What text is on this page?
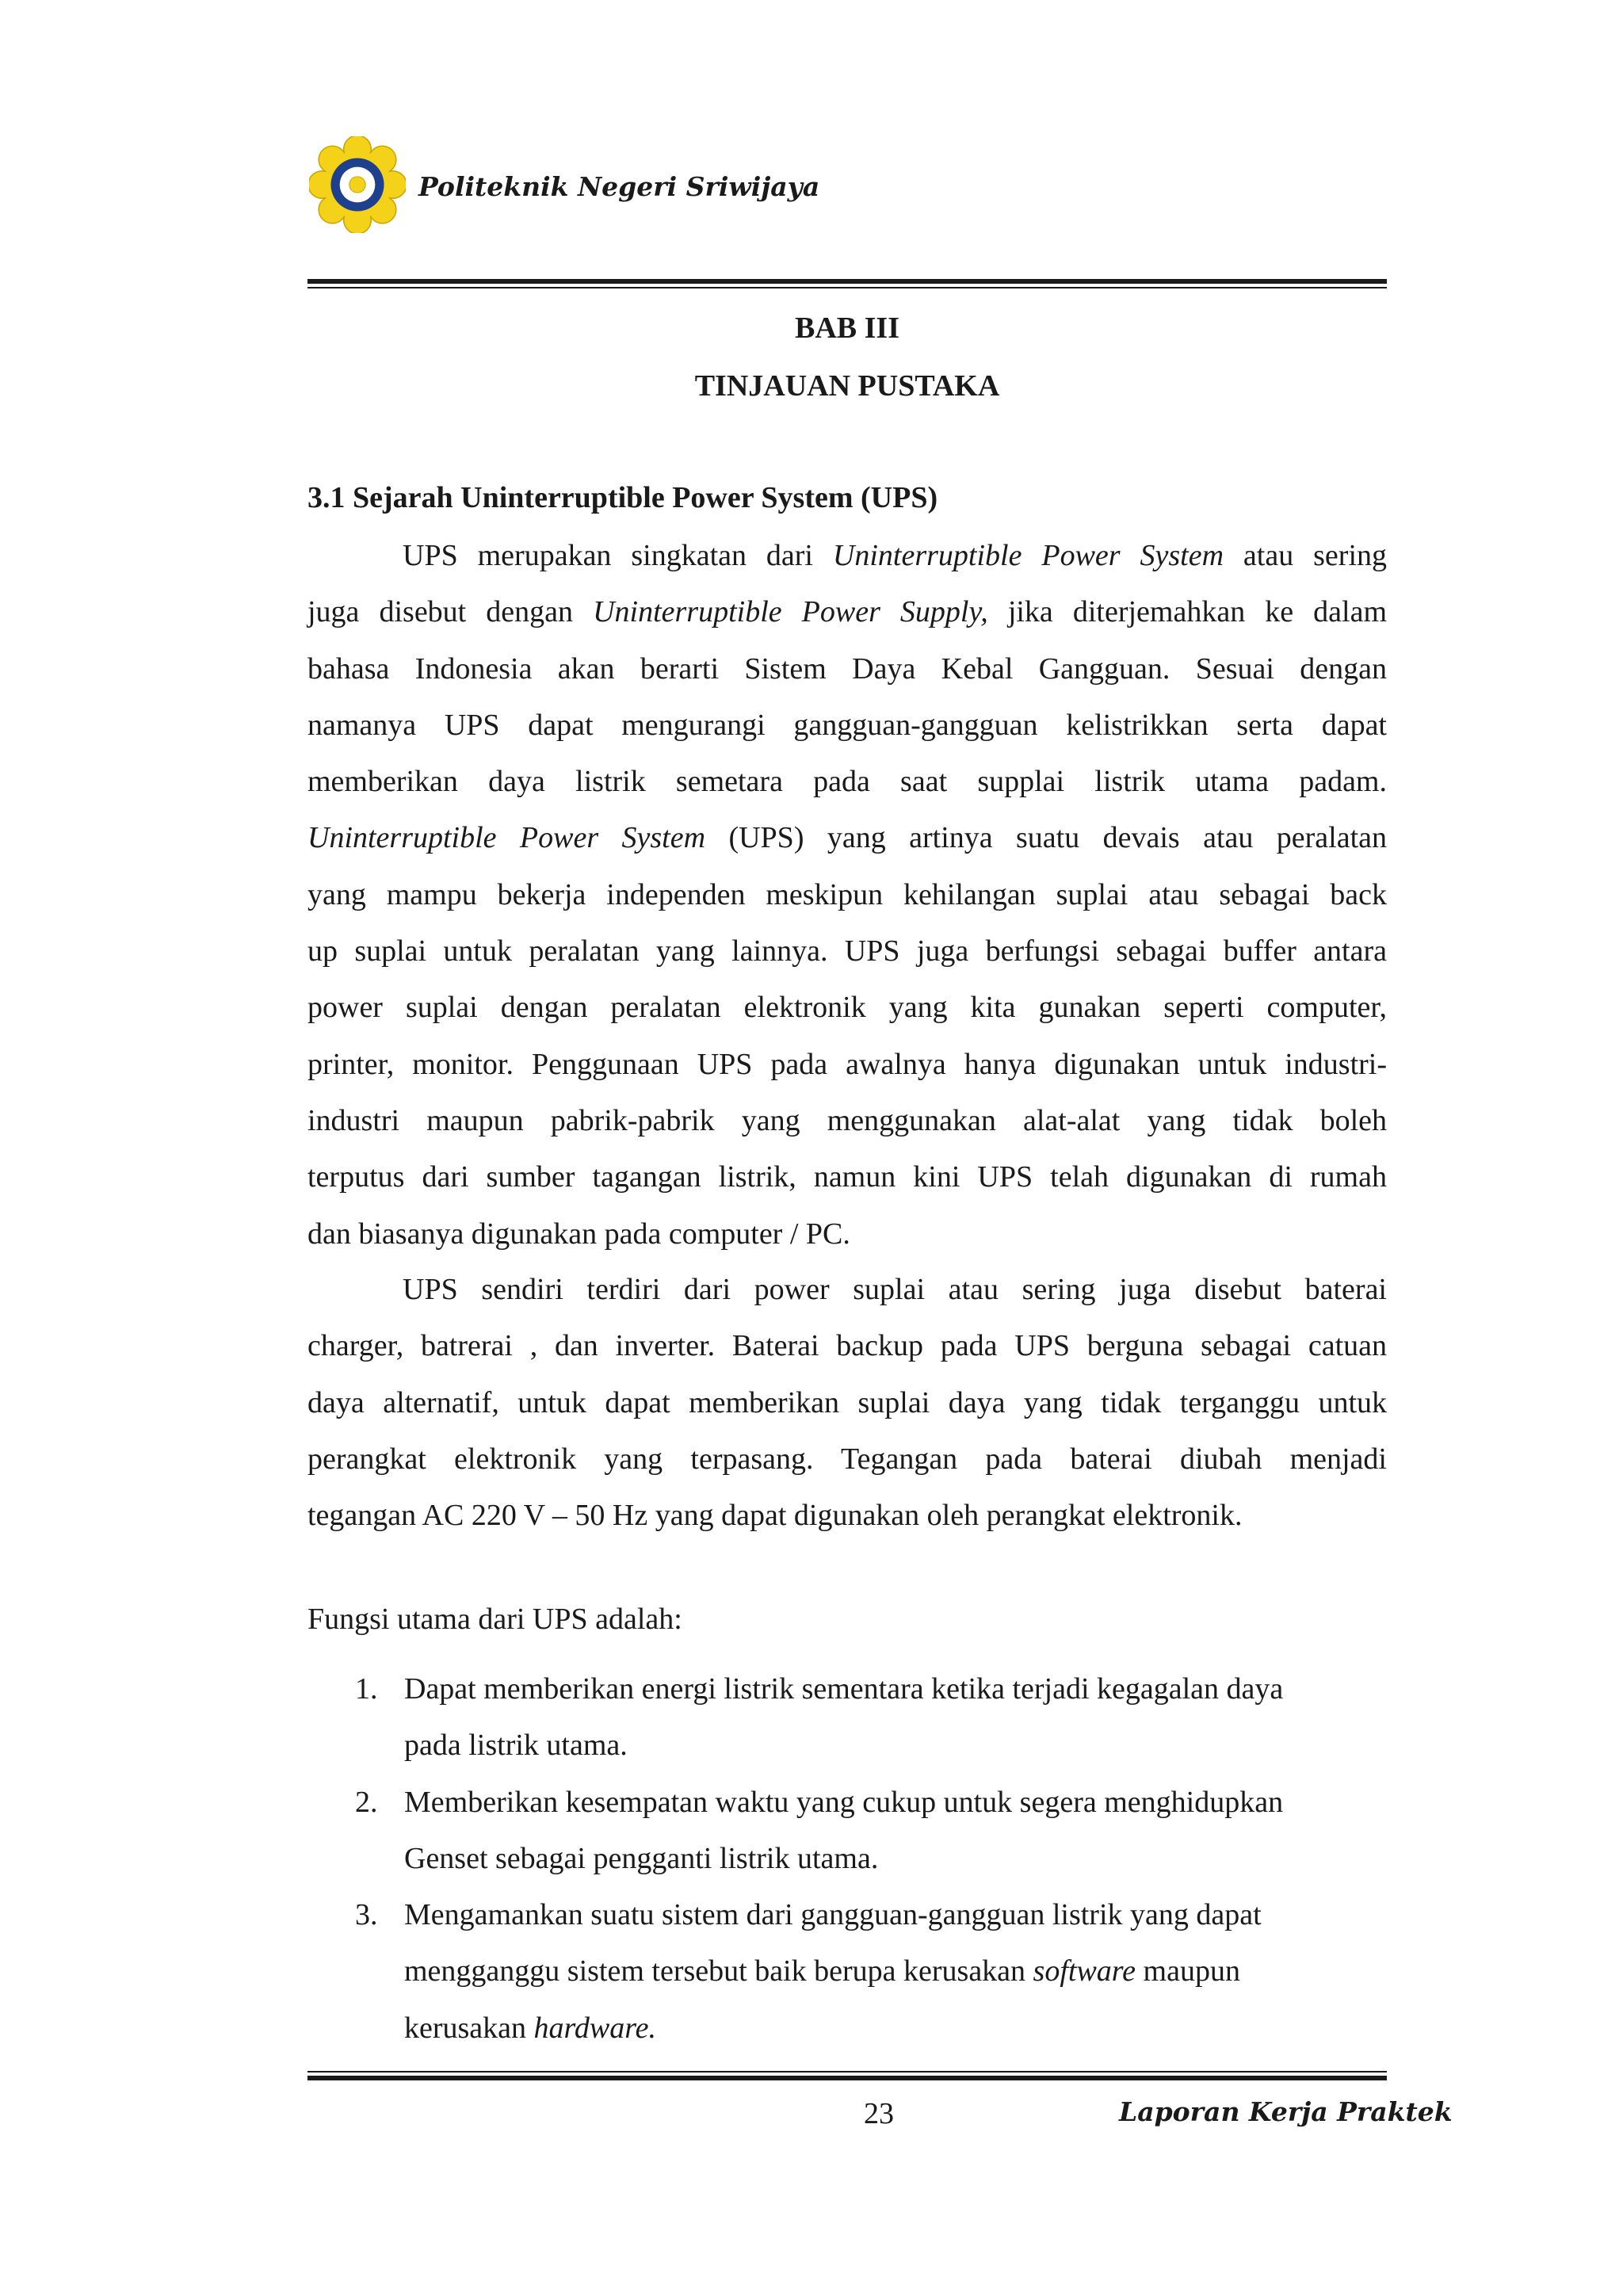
Politeknik Negeri Sriwijaya
BAB III
TINJAUAN PUSTAKA
3.1 Sejarah Uninterruptible Power System (UPS)
UPS merupakan singkatan dari Uninterruptible Power System atau sering
juga disebut dengan Uninterruptible Power Supply, jika diterjemahkan ke dalam
bahasa Indonesia akan berarti Sistem Daya Kebal Gangguan. Sesuai dengan
namanya UPS dapat mengurangi gangguan-gangguan kelistrikkan serta dapat
memberikan daya listrik semetara pada saat supplai listrik utama padam.
Uninterruptible Power System (UPS) yang artinya suatu devais atau peralatan
yang mampu bekerja independen meskipun kehilangan suplai atau sebagai back
up suplai untuk peralatan yang lainnya. UPS juga berfungsi sebagai buffer antara
power suplai dengan peralatan elektronik yang kita gunakan seperti computer,
printer, monitor. Penggunaan UPS pada awalnya hanya digunakan untuk industri-
industri maupun pabrik-pabrik yang menggunakan alat-alat yang tidak boleh
terputus dari sumber tagangan listrik, namun kini UPS telah digunakan di rumah
dan biasanya digunakan pada computer / PC.
UPS sendiri terdiri dari power suplai atau sering juga disebut baterai
charger, batrerai , dan inverter. Baterai backup pada UPS berguna sebagai catuan
daya alternatif, untuk dapat memberikan suplai daya yang tidak terganggu untuk
perangkat elektronik yang terpasang. Tegangan pada baterai diubah menjadi
tegangan AC 220 V – 50 Hz yang dapat digunakan oleh perangkat elektronik.
Fungsi utama dari UPS adalah:
1. Dapat memberikan energi listrik sementara ketika terjadi kegagalan daya
pada listrik utama.
2. Memberikan kesempatan waktu yang cukup untuk segera menghidupkan
Genset sebagai pengganti listrik utama.
3. Mengamankan suatu sistem dari gangguan-gangguan listrik yang dapat
mengganggu sistem tersebut baik berupa kerusakan software maupun
kerusakan hardware.
23	Laporan Kerja Praktek
